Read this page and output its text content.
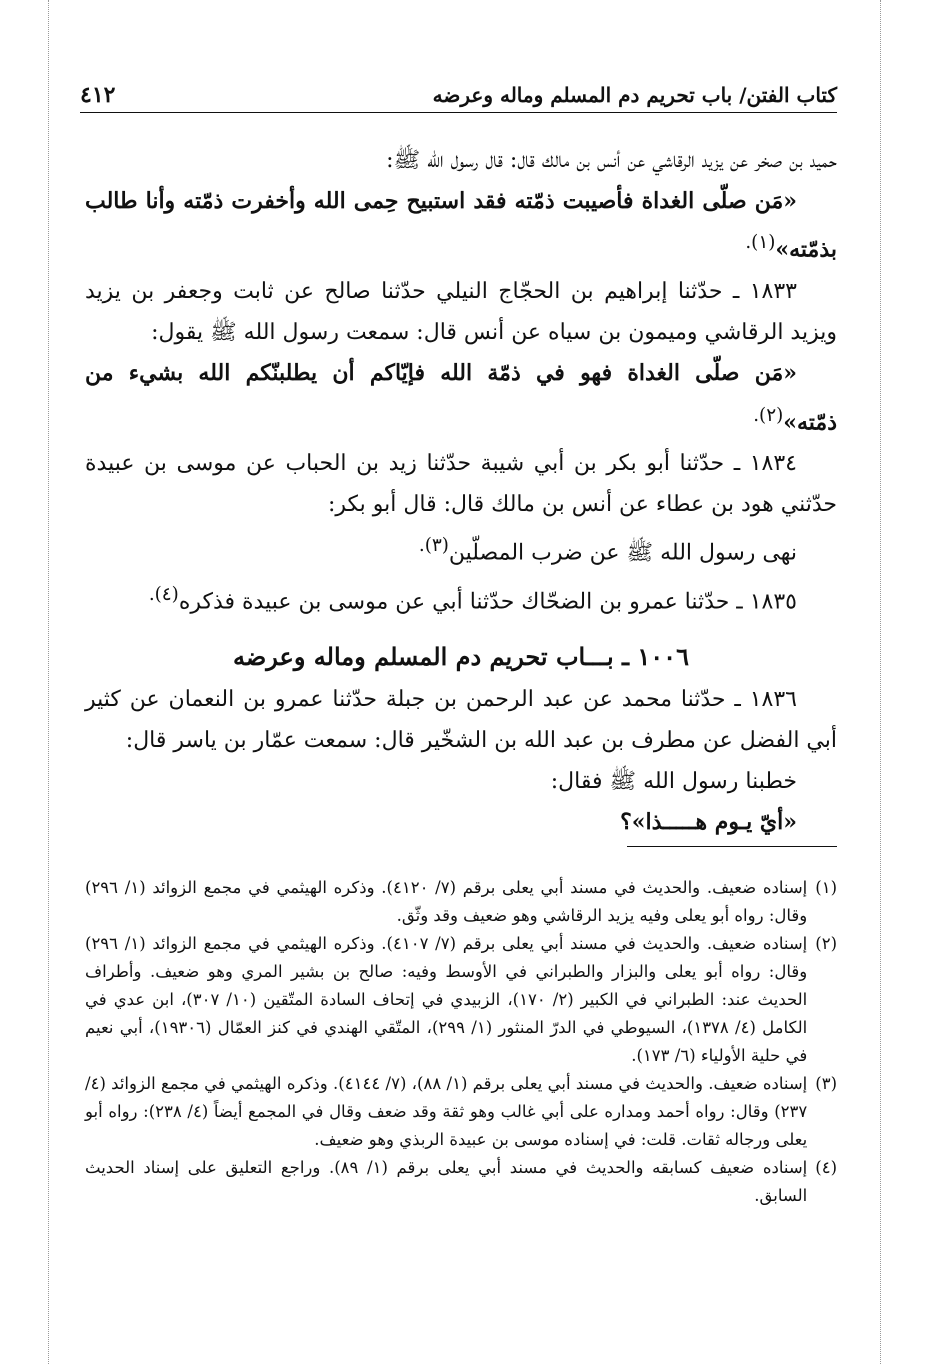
٤١٢	كتاب الفتن/ باب تحريم دم المسلم وماله وعرضه

حميد بن صخر عن يزيد الرقاشي عن أنس بن مالك قال: قال رسول الله ﷺ:

«مَن صلّى الغداة فأصيبت ذمّته فقد استبيح حِمى الله وأخفرت ذمّته وأنا طالب بذمّته»$^{(١).}$

١٨٣٣ ـ حدّثنا إبراهيم بن الحجّاج النيلي حدّثنا صالح عن ثابت وجعفر بن يزيد ويزيد الرقاشي وميمون بن سياه عن أنس قال: سمعت رسول الله ﷺ يقول:

«مَن صلّى الغداة فهو في ذمّة الله فإيّاكم أن يطلبنّكم الله بشيء من ذمّته»$^{(٢).}$

١٨٣٤ ـ حدّثنا أبو بكر بن أبي شيبة حدّثنا زيد بن الحباب عن موسى بن عبيدة حدّثني هود بن عطاء عن أنس بن مالك قال: قال أبو بكر:

نهى رسول الله ﷺ عن ضرب المصلّين$^{(٣).}$

١٨٣٥ ـ حدّثنا عمرو بن الضحّاك حدّثنا أبي عن موسى بن عبيدة فذكره$^{(٤).}$

١٠٠٦ ـ بـــاب تحريم دم المسلم وماله وعرضه

١٨٣٦ ـ حدّثنا محمد عن عبد الرحمن بن جبلة حدّثنا عمرو بن النعمان عن كثير أبي الفضل عن مطرف بن عبد الله بن الشخّير قال: سمعت عمّار بن ياسر قال:

خطبنا رسول الله ﷺ فقال:

«أيّ يـوم هـــــذا»؟

(١)
إسناده ضعيف. والحديث في مسند أبي يعلى برقم (٧/ ٤١٢٠). وذكره الهيثمي في مجمع الزوائد (١/ ٢٩٦) وقال: رواه أبو يعلى وفيه يزيد الرقاشي وهو ضعيف وقد وثّق.
(٢)
إسناده ضعيف. والحديث في مسند أبي يعلى برقم (٧/ ٤١٠٧). وذكره الهيثمي في مجمع الزوائد (١/ ٢٩٦) وقال: رواه أبو يعلى والبزار والطبراني في الأوسط وفيه: صالح بن بشير المري وهو ضعيف. وأطراف الحديث عند: الطبراني في الكبير (٢/ ١٧٠)، الزبيدي في إتحاف السادة المتّقين (١٠/ ٣٠٧)، ابن عدي في الكامل (٤/ ١٣٧٨)، السيوطي في الدرّ المنثور (١/ ٢٩٩)، المتّقي الهندي في كنز العمّال (١٩٣٠٦)، أبي نعيم في حلية الأولياء (٦/ ١٧٣).
(٣)
إسناده ضعيف. والحديث في مسند أبي يعلى برقم (١/ ٨٨)، (٧/ ٤١٤٤). وذكره الهيثمي في مجمع الزوائد (٤/ ٢٣٧) وقال: رواه أحمد ومداره على أبي غالب وهو ثقة وقد ضعف وقال في المجمع أيضاً (٤/ ٢٣٨): رواه أبو يعلى ورجاله ثقات. قلت: في إسناده موسى بن عبيدة الربذي وهو ضعيف.
(٤)
إسناده ضعيف كسابقه والحديث في مسند أبي يعلى برقم (١/ ٨٩). وراجع التعليق على إسناد الحديث السابق.
